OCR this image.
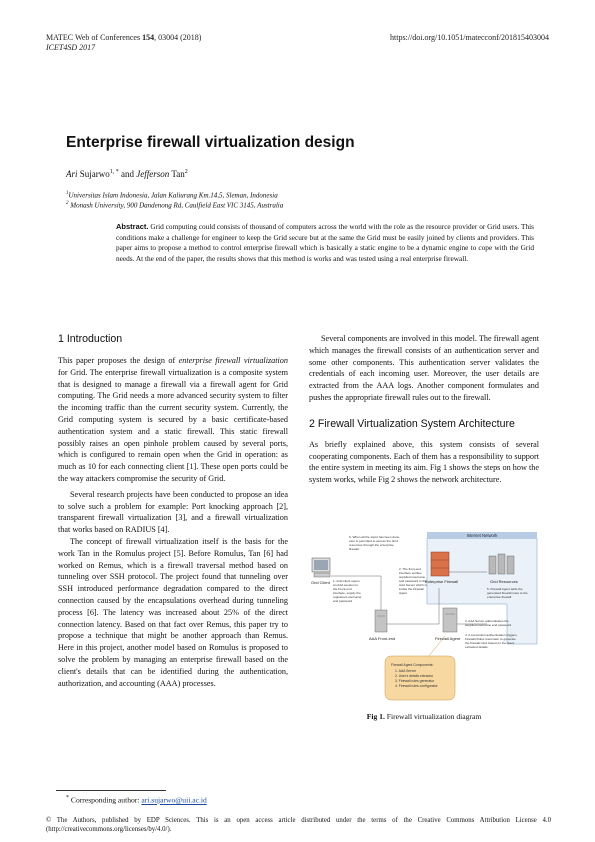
MATEC Web of Conferences 154, 03004 (2018)	https://doi.org/10.1051/matecconf/201815403004
ICET4SD 2017
Enterprise firewall virtualization design
Ari Sujarwo$^{1, *}$ and Jefferson Tan$^2$
$^1$Universitas Islam Indonesia, Jalan Kaliurang Km.14,5, Sleman, Indonesia
$^2$ Monash University, 900 Dandenong Rd, Caulfield East VIC 3145, Australia
Abstract. Grid computing could consists of thousand of computers across the world with the role as the resource provider or Grid users. This conditions make a challenge for engineer to keep the Grid secure but at the same the Grid must be easily joined by clients and providers. This paper aims to propose a method to control enterprise firewall which is basically a static engine to be a dynamic engine to cope with the Grid needs. At the end of the paper, the results shows that this method is works and was tested using a real enterprise firewall.
1 Introduction

This paper proposes the design of enterprise firewall virtualization for Grid. The enterprise firewall virtualization is a composite system that is designed to manage a firewall via a firewall agent for Grid computing. The Grid needs a more advanced security system to filter the incoming traffic than the current security system. Currently, the Grid computing system is secured by a basic certificate-based authentication system and a static firewall. This static firewall possibly raises an open pinhole problem caused by several ports, which is configured to remain open when the Grid in operation: as much as 10 for each connecting client [1]. These open ports could be the way attackers compromise the security of Grid.

Several research projects have been conducted to propose an idea to solve such a problem for example: Port knocking approach [2], transparent firewall virtualization [3], and a firewall virtualization that works based on RADIUS [4].

The concept of firewall virtualization itself is the basis for the work Tan in the Romulus project [5]. Before Romulus, Tan [6] had worked on Remus, which is a firewall traversal method based on tunneling over SSH protocol. The project found that tunneling over SSH introduced performance degradation compared to the direct connection caused by the encapsulations overhead during tunneling process [6]. The latency was increased about 25% of the direct connection latency. Based on that fact over Remus, this paper try to propose a technique that might be another approach than Remus. Here in this project, another model based on Romulus is proposed to solve the problem by managing an enterprise firewall based on the client's details that can be identified during the authentication, authorization, and accounting (AAA) processes.

Several components are involved in this model. The firewall agent which manages the firewall consists of an authentication server and some other components. This authentication server validates the credentials of each incoming user. Moreover, the user details are extracted from the AAA logs. Another component formulates and pushes the appropriate firewall rules out to the firewall.

2 Firewall Virtualization System Architecture

As briefly explained above, this system consists of several cooperating components. Each of them has a responsibility to support the entire system in meeting its aim. Fig 1 shows the steps on how the system works, while Fig 2 shows the network architecture.

Internet Network
Grid Client	Enterprise Firewall	Grid Resources
AAA Front-end	Firewall Agent
6. When all the steps has been done, user is permitted to access the Grid resources through the enterprise firewall.
1. Grid client opens an AAA session to the Front-end interface, supply the registered username and password
2. The front-end interface verifies supplied username and password to the AAA Server which is inside the Firewall Agent
5. Firewall Agent adds the generated firewall rules to the enterprise firewall
3. AAA Server authenticates the supplied username and password
4. A successful authentication triggers Firewall Rules Generator to generate the firewall rules based on the client extracted details.
Firewall Agent Components: 1. AAA Server 2. User's details extractor 3. Firewall rules generator 4. Firewall rules configurator
Fig 1. Firewall virtualization diagram
* Corresponding author: ari.sujarwo@uii.ac.id
© The Authors, published by EDP Sciences. This is an open access article distributed under the terms of the Creative Commons Attribution License 4.0 (http://creativecommons.org/licenses/by/4.0/).
